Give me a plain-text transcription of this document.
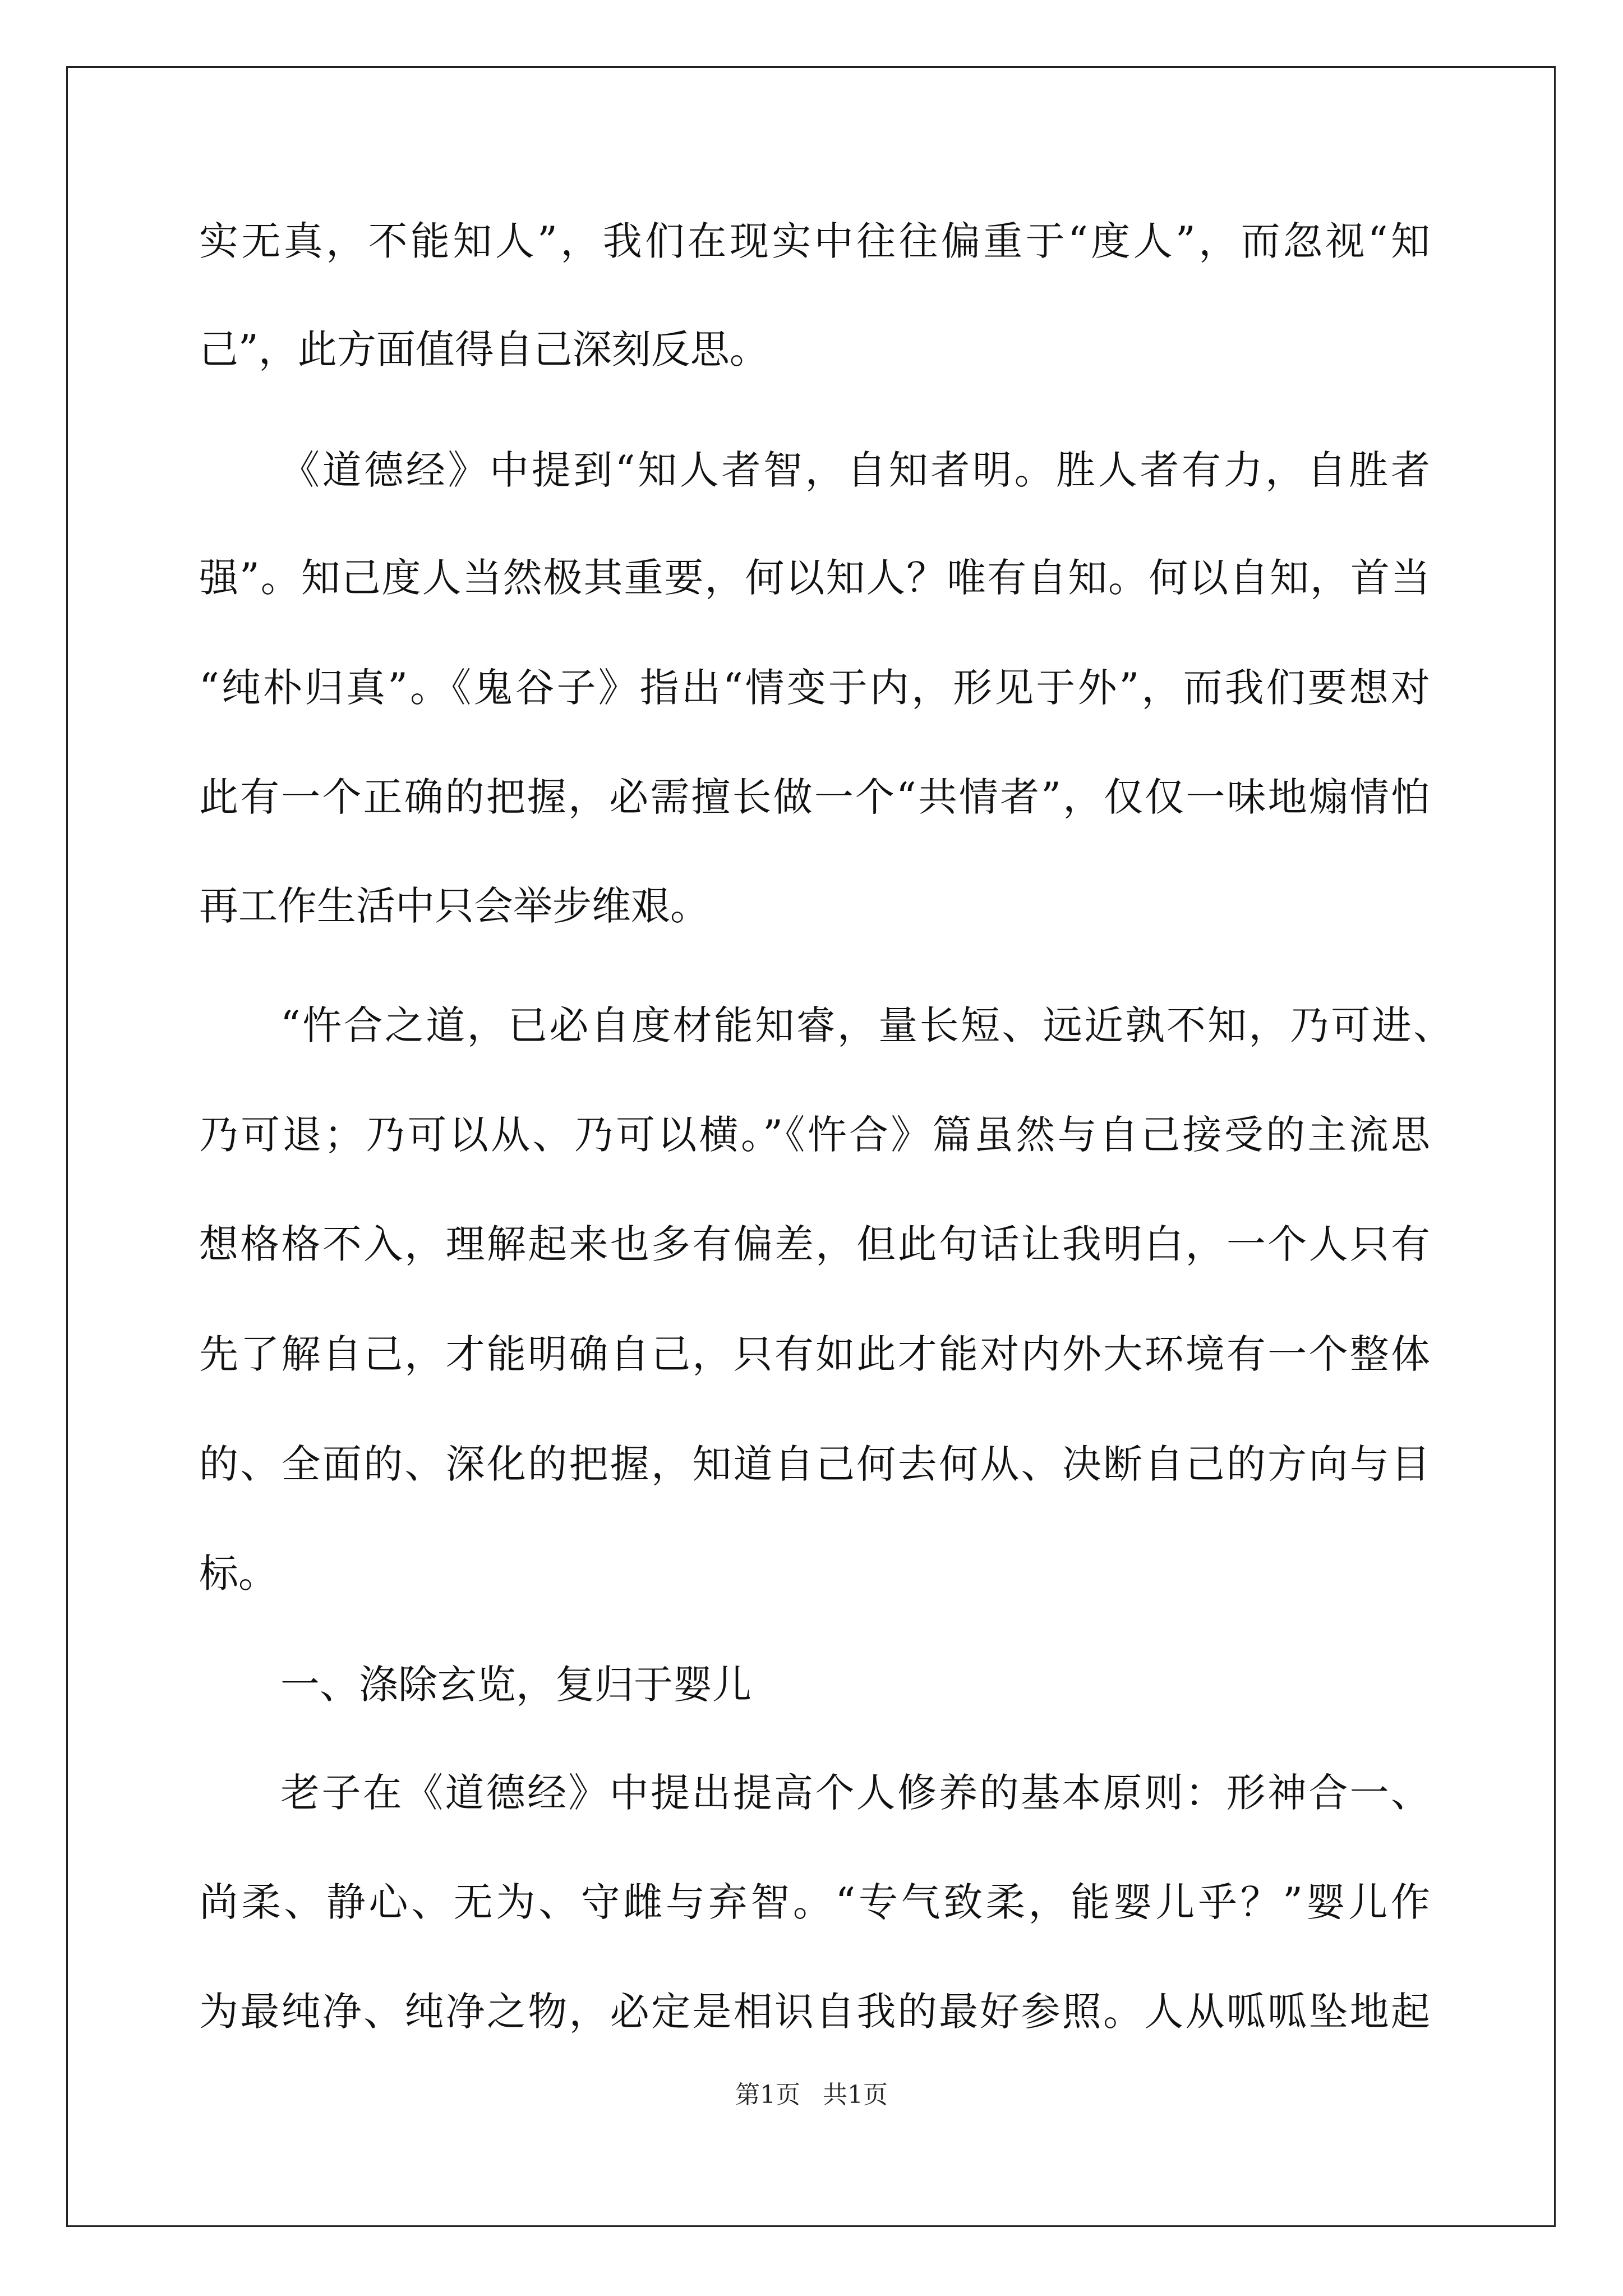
实无真，不能知人”，我们在现实中往往偏重于“度人”，而忽视“知
己”，此方面值得自己深刻反思。
《道德经》中提到“知人者智，自知者明。胜人者有力，自胜者
强”。知己度人当然极其重要，何以知人？唯有自知。何以自知，首当
“纯朴归真”。《鬼谷子》指出“情变于内，形见于外”，而我们要想对
此有一个正确的把握，必需擅长做一个“共情者”，仅仅一味地煽情怕
再工作生活中只会举步维艰。
“忤合之道，已必自度材能知睿，量长短、远近孰不知，乃可进、
乃可退；乃可以从、乃可以横。”《忤合》篇虽然与自己接受的主流思
想格格不入，理解起来也多有偏差，但此句话让我明白，一个人只有
先了解自己，才能明确自己，只有如此才能对内外大环境有一个整体
的、全面的、深化的把握，知道自己何去何从、决断自己的方向与目
标。
一、涤除玄览，复归于婴儿
老子在《道德经》中提出提高个人修养的基本原则：形神合一、
尚柔、静心、无为、守雌与弃智。“专气致柔，能婴儿乎？”婴儿作
为最纯净、纯净之物，必定是相识自我的最好参照。人从呱呱坠地起
第1页 共1页
